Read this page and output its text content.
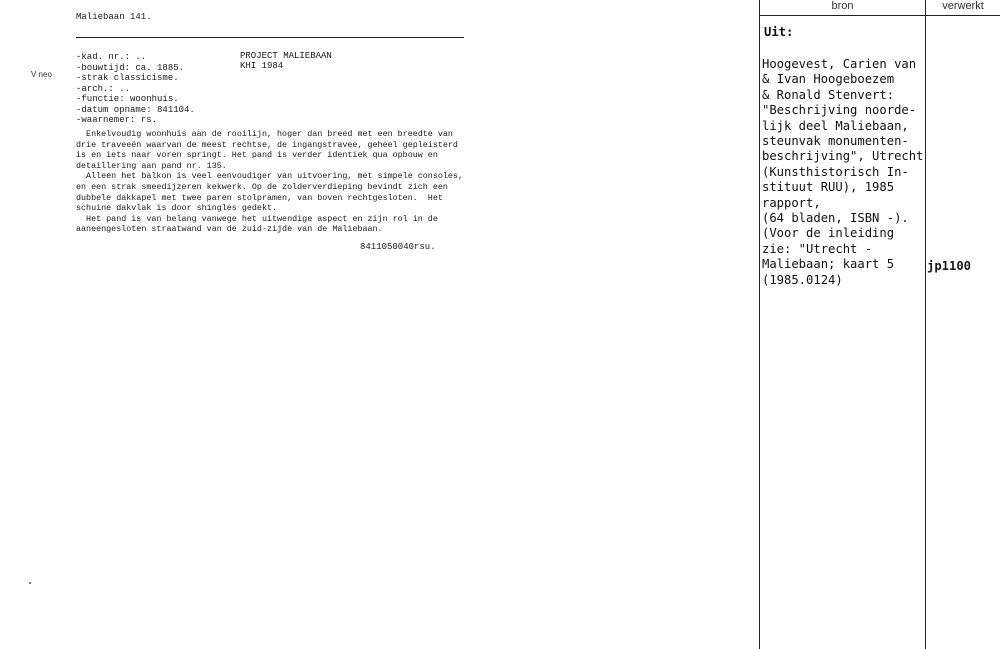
Maliebaan 141.
PROJECT MALIEBAAN
KHI 1984
V neo
-kad. nr.: ..
-bouwtijd: ca. 1885.
-strak classicisme.
-arch.: ..
-functie: woonhuis.
-datum opname: 841104.
-waarnemer: rs.
Enkelvoudig woonhuis aan de rooilijn, hoger dan breed met een breedte van
drie traveeën waarvan de meest rechtse, de ingangstravee, geheel gepleisterd
is en iets naar voren springt. Het pand is verder identiek qua opbouw en
detaillering aan pand nr. 135.
Alleen het balkon is veel eenvoudiger van uitvoering, met simpele consoles,
en een strak smeedijzeren kekwerk. Op de zolderverdieping bevindt zich een
dubbele dakkapel met twee paren stolpramen, van boven rechtgesloten.  Het
schuine dakvlak is door shingles gedekt.
Het pand is van belang vanwege het uitwendige aspect en zijn rol in de
aaneengesloten straatwand van de zuid-zijde van de Maliebaan.
8411050040rsu.
bron	verwerkt
Uit:
Hoogevest, Carien van
& Ivan Hoogeboezem
& Ronald Stenvert:
"Beschrijving noorde-
lijk deel Maliebaan,
steunvak monumenten-
beschrijving", Utrecht
(Kunsthistorisch In-
stituut RUU), 1985
rapport,
(64 bladen, ISBN -).
(Voor de inleiding
zie: "Utrecht -
Maliebaan; kaart 5
(1985.0124)
jp1100
